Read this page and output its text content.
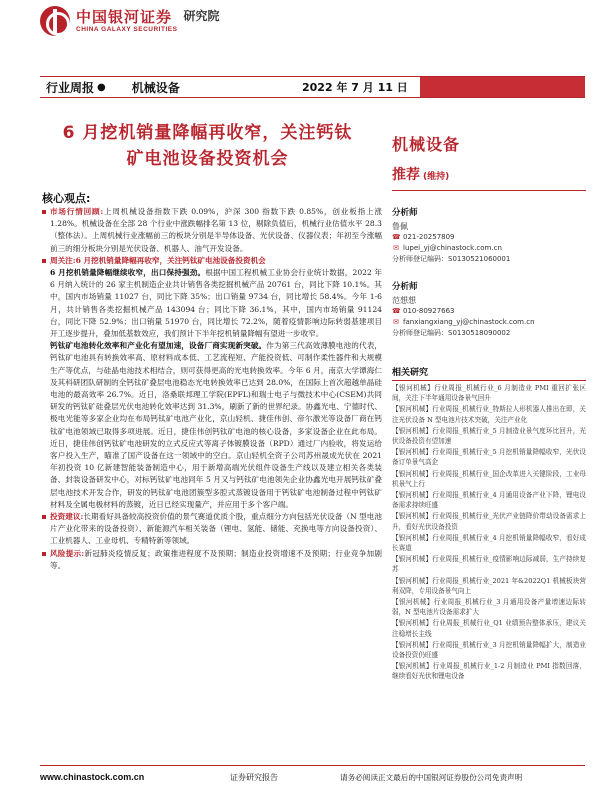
中国银河证券
CHINA GALAXY SECURITIES
研究院
行业周报 ● 机械设备	2022 年 7 月 11 日
6 月挖机销量降幅再收窄，关注钙钛
矿电池设备投资机会
机械设备
推荐 (维持)
核心观点:
市场行情回顾:上周机械设备指数下跌 0.09%，沪深 300 指数下跌 0.85%，创业板指上涨 1.28%。机械设备在全部 28 个行业中涨跌幅排名第 13 位，剔除负值后，机械行业估值水平 28.3（整体法）。上周机械行业涨幅前三的板块分别是半导体设备、光伏设备、仪器仪表；年初至今涨幅前三的细分板块分别是光伏设备、机器人、油气开发设备。
周关注:6 月挖机销量降幅再收窄，关注钙钛矿电池设备投资机会
6 月挖机销量降幅继续收窄，出口保持强劲。根据中国工程机械工业协会行业统计数据，2022 年 6 月纳入统计的 26 家主机制造企业共计销售各类挖掘机械产品 20761 台，同比下降 10.1%。其中，国内市场销量 11027 台，同比下降 35%；出口销量 9734 台，同比增长 58.4%。今年 1-6 月，共计销售各类挖掘机械产品 143094 台；同比下降 36.1%，其中，国内市场销量 91124 台，同比下降 52.9%；出口销量 51970 台，同比增长 72.2%，随着疫情影响边际转弱基建项目开工逐步提升，叠加低基数效应，我们预计下半年挖机销量降幅有望进一步收窄。
钙钛矿电池转化效率和产业化有望加速，设备厂商实现新突破。作为第三代高效薄膜电池的代表，钙钛矿电池具有转换效率高、原材料成本低、工艺流程短、产能投资低、可制作柔性器件和大规模生产等优点，与硅晶电池技术相结合，则可获得更高的光电转换效率。今年 6 月，南京大学谭海仁及其科研团队研制的全钙钛矿叠层电池稳态光电转换效率已达到 28.0%，在国际上首次超越单晶硅电池的最高效率 26.7%。近日，洛桑联邦理工学院(EPFL)和瑞士电子与微技术中心(CSEM)共同研发的钙钛矿硅叠层光伏电池转化效率达到 31.3%，刷新了新的世界纪录。协鑫光电、宁德时代、极电光能等多家企业均在布局钙钛矿电池产业化，京山轻机、捷佳伟创、帝尔激光等设备厂商在钙钛矿电池领域已取得多项进展。近日，捷佳伟创钙钛矿电池的核心设备，多家设备企业在此布局。近日，捷佳伟创钙钛矿电池研发的立式反应式等离子体镀膜设备（RPD）通过厂内验收，将发运给客户投入生产，瞄准了国产设备在这一领域中的空白。京山轻机全资子公司苏州晟成光伏在 2021 年初投资 10 亿新建智能装备制造中心，用于新增高端光伏组件设备生产线以及建立相关各类装备、封装设备研发中心，对标钙钛矿电池同年 5 月又与钙钛矿电池领先企业协鑫光电开展钙钛矿叠层电池技术开发合作，研发的钙钛矿电池团簇型多腔式蒸镀设备用于钙钛矿电池制备过程中钙钛矿材料及全属电极材料的蒸镀，近日已经实现量产，并应用于多个客户端。
投资建议:长期看好具备较高投资价值的景气赛道优质个股，重点细分方向包括光伏设备（N 型电池片产业化带来的设备投资）、新能源汽车相关装备（锂电、氢能、储能、充换电等方向设备投资）、工业机器人、工业母机、专精特新等领域。
风险提示:新冠肺炎疫情反复；政策推进程度不及预期；制造业投资增速不及预期；行业竞争加剧等。
分析师
鲁佩
☎ 021-20257809
✉ lupei_yj@chinastock.com.cn
分析师登记编码：S0130521060001
分析师
范想想
☎ 010-80927663
✉ fanxiangxiang_yj@chinastock.com.cn
分析师登记编码：S0130518090002
相关研究
【银河机械】行业周报_机械行业_6 月制造业 PMI 重回扩张区间，关注下半年通用设备景气回升
【银河机械】行业周报_机械行业_特斯拉人形机器人推出在即，关注光伏设备 N 型电池片技术突破，关注产业化
【银河机械】行业周报_机械行业_5 月制造业景气度环比回升，光伏设备投资有望加速
【银河机械】行业周报_机械行业_5 月挖机销量降幅收窄，光伏设备订单景气高企
【银河机械】行业周报_机械行业_国企改革进入关键阶段，工业母机景气上行
【银河机械】行业周报_机械行业_4 月通用设备产业下降，锂电设备需求持续旺盛
【银河机械】行业周报_机械行业_光伏产业链降价带动设备需求上升，看好光伏设备投资
【银河机械】行业周报_机械行业_4 月挖机销量降幅收窄，看好成长赛道
【银河机械】行业周报_机械行业_疫情影响边际减弱，生产持续复苏
【银河机械】行业周报_机械行业_2021 年&2022Q1 机械板块营利双降，专用设备景气向上
【银河机械】行业周报_机械行业_3 月通用设备产量增速边际转弱，N 型电池片设备需求扩大
【银河机械】行业周报_机械行业_Q1 业绩预告整体承压，建议关注稳增长主线
【银河机械】行业周报_机械行业_3 月挖机销量降幅扩大，制造业设备投资仍旺盛
【银河机械】行业周报_机械行业_1-2 月制造业 PMI 指数回落，继续看好光伏和锂电设备
www.chinastock.com.cn	证券研究报告	请务必阅读正文最后的中国银河证券股份公司免责声明
